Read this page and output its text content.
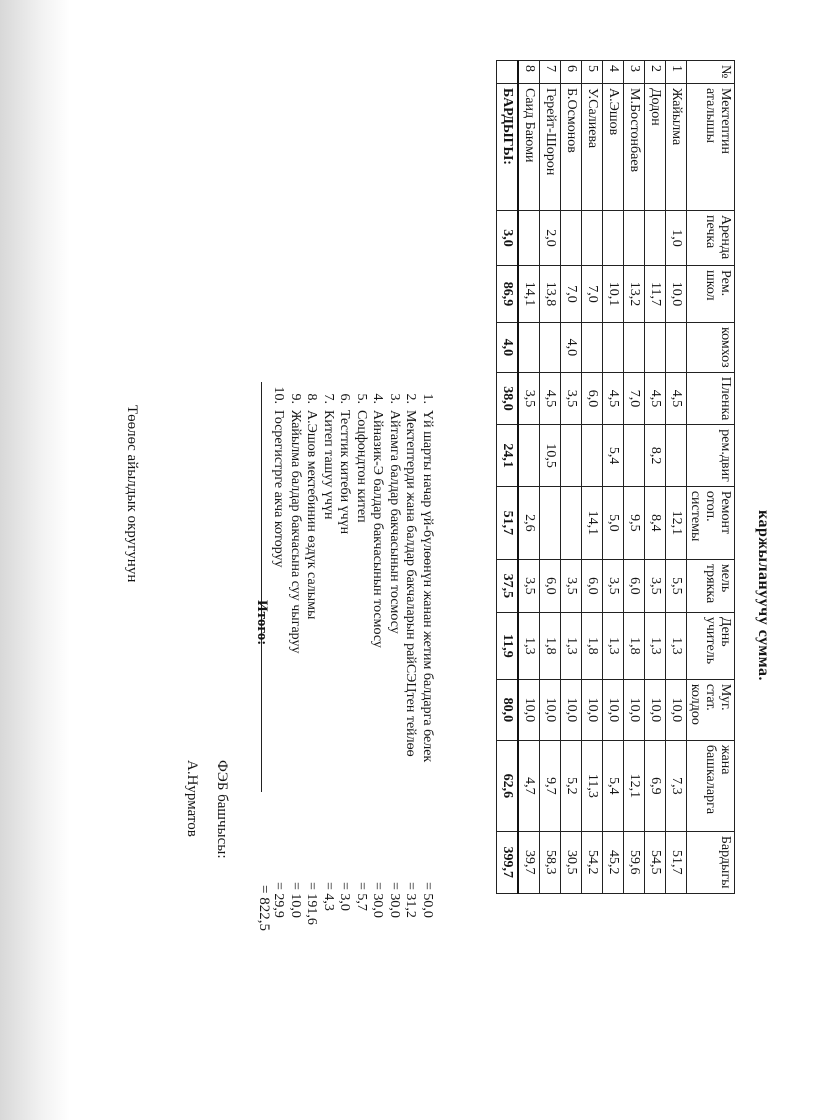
каржылануучу сумма.
№	Мектептин аталышы	Аренда печка	Рем. школ	комхоз	Пленка	рем.двиг	Ремонт отоп. системы	мель трякка	День учитель	Муг. стат. колдоо	жана башкаларга	Бардыгы
1	Жайылма	1,0	10,0		4,5		12,1	5,5	1,3	10,0	7,3	51,7
2	Додон		11,7		4,5	8,2	8,4	3,5	1,3	10,0	6,9	54,5
3	М.Бостонбаев		13,2		7,0		9,5	6,0	1,8	10,0	12,1	59,6
4	А.Эшов		10,1		4,5	5,4	5,0	3,5	1,3	10,0	5,4	45,2
5	У.Салиева		7,0		6,0		14,1	6,0	1,8	10,0	11,3	54,2
6	Б.Осмонов		7,0	4,0	3,5			3,5	1,3	10,0	5,2	30,5
7	Герейт-Шорон	2,0	13,8		4,5	10,5		6,0	1,8	10,0	9,7	58,3
8	Саид Баюми		14,1		3,5		2,6	3,5	1,3	10,0	4,7	39,7
	БАРДЫГЫ:	3,0	86,9	4,0	38,0	24,1	51,7	37,5	11,9	80,0	62,6	399,7
1.
Үй шарты начар үй-бүлөөнүн жанан жетим балдарга белек
= 50,0
2.
Мектептерди жана балдар бакчаларын райСЭЦтен тейлөө
= 31,2
3.
Айтамга балдар бакчасынын тосмосу
= 30,0
4.
Айназик-Э балдар бакчасынын тосмосу
= 30,0
5.
Соцфондтон китеп
= 5,7
6.
Тесттик китеби үчүн
= 3,0
7.
Китеп ташуу үчүн
= 4,3
8.
А.Эшов мектебинин өздүк салымы
= 191,6
9.
Жайылма балдар бакчасына суу чыгаруу
= 10,0
10.
Госрегистрге акча которуу
= 29,9
Итого:
= 822,5
Төөлөс айылдык округунун
ФЭБ башчысы:
А.Нурматов
